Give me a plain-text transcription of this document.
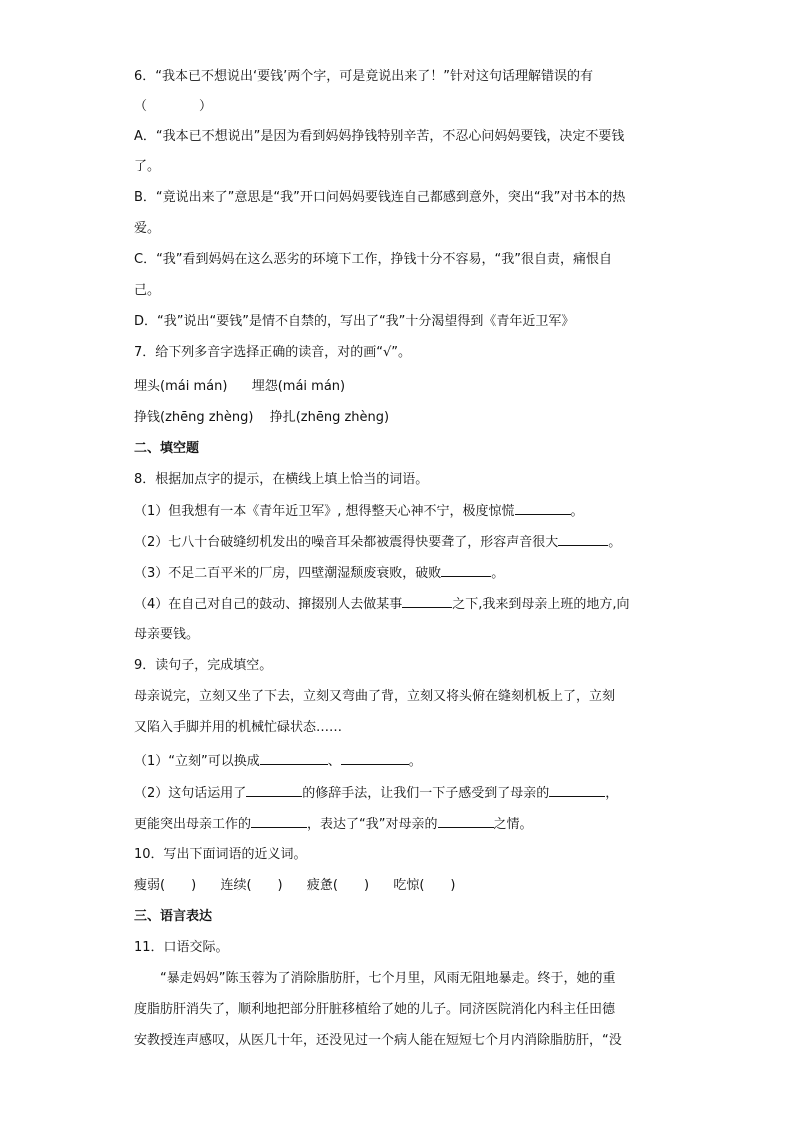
6．“我本已不想说出‘要钱’两个字，可是竟说出来了！”针对这句话理解错误的有
（　　　　）
A．“我本已不想说出”是因为看到妈妈挣钱特别辛苦，不忍心问妈妈要钱，决定不要钱
了。
B．“竟说出来了”意思是“我”开口问妈妈要钱连自己都感到意外，突出“我”对书本的热
爱。
C．“我”看到妈妈在这么恶劣的环境下工作，挣钱十分不容易，“我”很自责，痛恨自
己。
D．“我”说出“要钱”是情不自禁的，写出了“我”十分渴望得到《青年近卫军》
7．给下列多音字选择正确的读音，对的画“√”。
埋头(mái mán) 埋怨(mái mán)
挣钱(zhēng zhèng) 挣扎(zhēng zhèng)
二、填空题
8．根据加点字的提示，在横线上填上恰当的词语。
（1）但我想有一本《青年近卫军》, 想得整天心神不宁，极度惊慌	。
（2）七八十台破缝纫机发出的噪音耳朵都被震得快要聋了，形容声音很大	。
（3）不足二百平米的厂房，四壁潮湿颓废衰败，破败	。
（4）在自己对自己的鼓动、撺掇别人去做某事	之下,我来到母亲上班的地方,向
母亲要钱。
9．读句子，完成填空。
母亲说完，立刻又坐了下去，立刻又弯曲了背，立刻又将头俯在缝刻机板上了，立刻
又陷入手脚并用的机械忙碌状态……
（1）“立刻”可以换成	、	。
（2）这句话运用了	的修辞手法，让我们一下子感受到了母亲的	，
更能突出母亲工作的	，表达了“我”对母亲的	之情。
10．写出下面词语的近义词。
瘦弱( ) 连续( ) 疲惫( ) 吃惊( )
三、语言表达
11．口语交际。
“暴走妈妈”陈玉蓉为了消除脂肪肝，七个月里，风雨无阻地暴走。终于，她的重
度脂肪肝消失了，顺利地把部分肝脏移植给了她的儿子。同济医院消化内科主任田德
安教授连声感叹，从医几十年，还没见过一个病人能在短短七个月内消除脂肪肝，“没
